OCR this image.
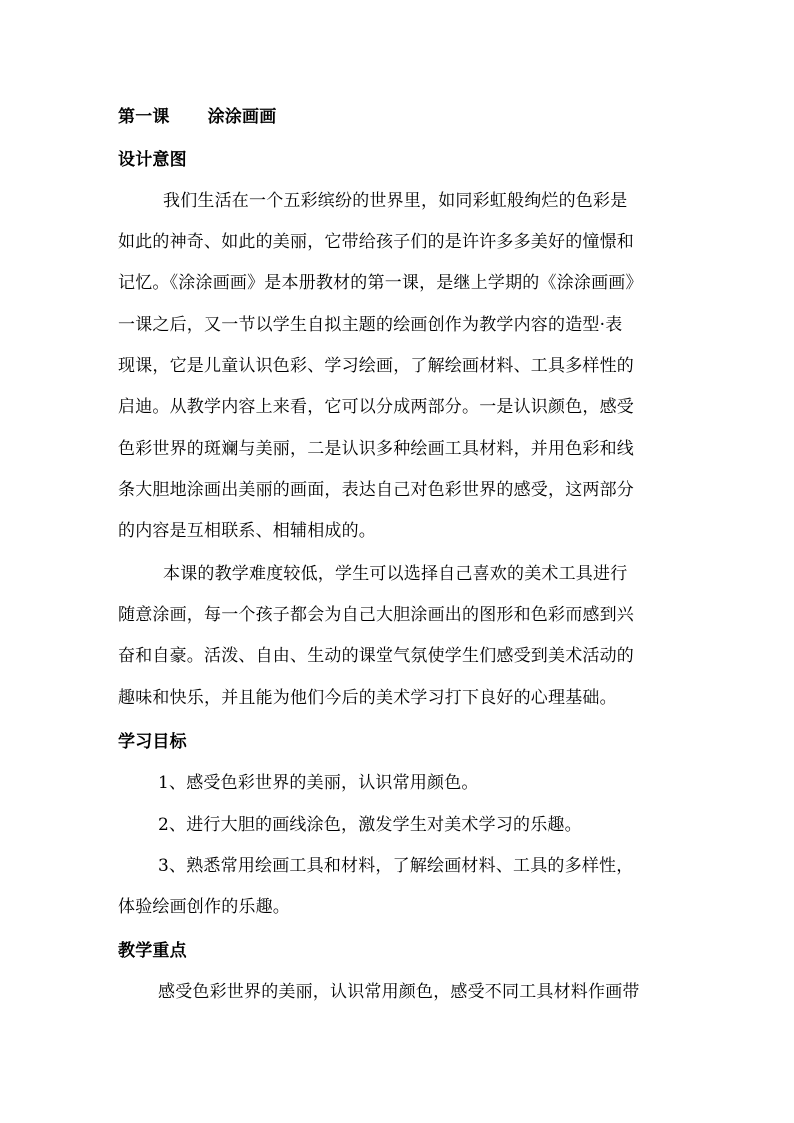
第一课 涂涂画画
设计意图
我们生活在一个五彩缤纷的世界里，如同彩虹般绚烂的色彩是
如此的神奇、如此的美丽，它带给孩子们的是许许多多美好的憧憬和
记忆。《涂涂画画》是本册教材的第一课，是继上学期的《涂涂画画》
一课之后，又一节以学生自拟主题的绘画创作为教学内容的造型·表
现课，它是儿童认识色彩、学习绘画，了解绘画材料、工具多样性的
启迪。从教学内容上来看，它可以分成两部分。一是认识颜色，感受
色彩世界的斑斓与美丽，二是认识多种绘画工具材料，并用色彩和线
条大胆地涂画出美丽的画面，表达自己对色彩世界的感受，这两部分
的内容是互相联系、相辅相成的。
本课的教学难度较低，学生可以选择自己喜欢的美术工具进行
随意涂画，每一个孩子都会为自己大胆涂画出的图形和色彩而感到兴
奋和自豪。活泼、自由、生动的课堂气氛使学生们感受到美术活动的
趣味和快乐，并且能为他们今后的美术学习打下良好的心理基础。
学习目标
1、感受色彩世界的美丽，认识常用颜色。
2、进行大胆的画线涂色，激发学生对美术学习的乐趣。
3、熟悉常用绘画工具和材料，了解绘画材料、工具的多样性，
体验绘画创作的乐趣。
教学重点
感受色彩世界的美丽，认识常用颜色，感受不同工具材料作画带
